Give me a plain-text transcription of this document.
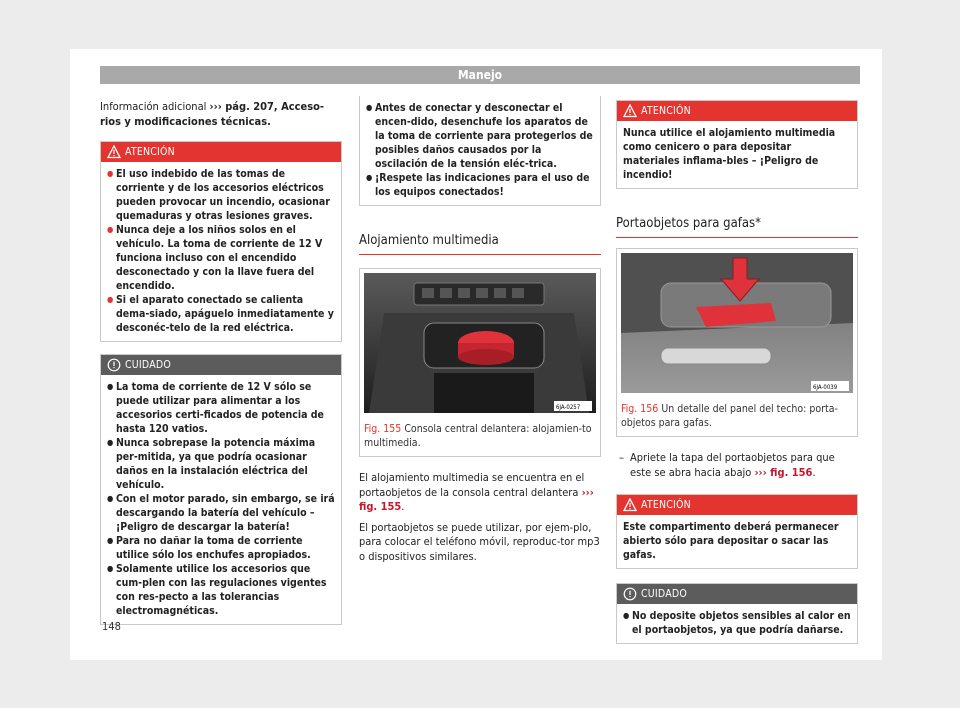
Manejo

Información adicional ››› pág. 207, Acceso-rios y modificaciones técnicas.

ATENCIÓN
● El uso indebido de las tomas de corriente y de los accesorios eléctricos pueden provocar un incendio, ocasionar quemaduras y otras lesiones graves.
● Nunca deje a los niños solos en el vehículo. La toma de corriente de 12 V funciona incluso con el encendido desconectado y con la llave fuera del encendido.
● Si el aparato conectado se calienta dema-siado, apáguelo inmediatamente y desconéc-telo de la red eléctrica.
CUIDADO
● La toma de corriente de 12 V sólo se puede utilizar para alimentar a los accesorios certi-ficados de potencia de hasta 120 vatios.
● Nunca sobrepase la potencia máxima per-mitida, ya que podría ocasionar daños en la instalación eléctrica del vehículo.
● Con el motor parado, sin embargo, se irá descargando la batería del vehículo – ¡Peligro de descargar la batería!
● Para no dañar la toma de corriente utilice sólo los enchufes apropiados.
● Solamente utilice los accesorios que cum-plen con las regulaciones vigentes con res-pecto a las tolerancias electromagnéticas.
● Antes de conectar y desconectar el encen-dido, desenchufe los aparatos de la toma de corriente para protegerlos de posibles daños causados por la oscilación de la tensión eléc-trica.
● ¡Respete las indicaciones para el uso de los equipos conectados!
Alojamiento multimedia
6JA-0257
Fig. 155 Consola central delantera: alojamien-to multimedia.

El alojamiento multimedia se encuentra en el portaobjetos de la consola central delantera ››› fig. 155.

El portaobjetos se puede utilizar, por ejem-plo, para colocar el teléfono móvil, reproduc-tor mp3 o dispositivos similares.

ATENCIÓN
Nunca utilice el alojamiento multimedia como cenicero o para depositar materiales inflama-bles – ¡Peligro de incendio!
Portaobjetos para gafas*
6JA-0039
Fig. 156 Un detalle del panel del techo: porta-objetos para gafas.

– Apriete la tapa del portaobjetos para que este se abra hacia abajo ››› fig. 156.

ATENCIÓN
Este compartimento deberá permanecer abierto sólo para depositar o sacar las gafas.
CUIDADO
● No deposite objetos sensibles al calor en el portaobjetos, ya que podría dañarse.
148
